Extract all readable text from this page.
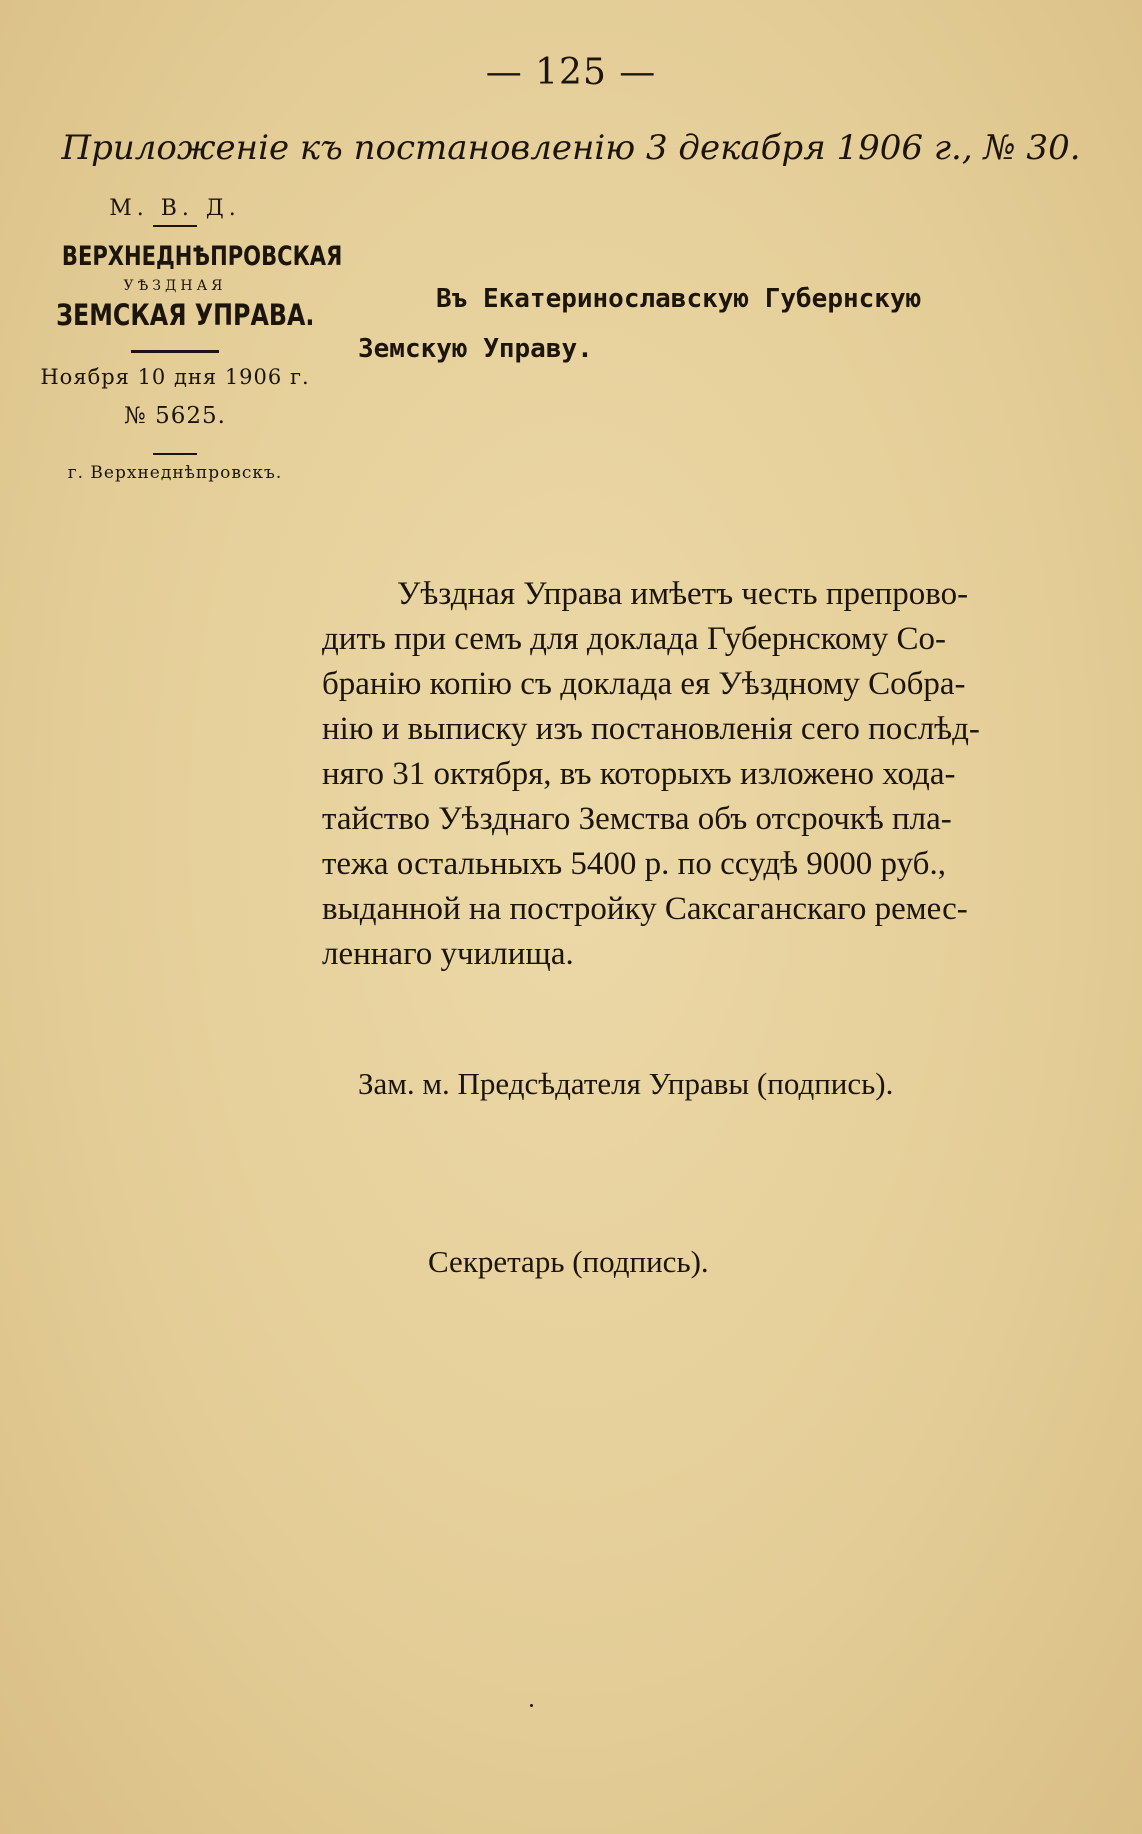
— 125 —
Приложеніе къ постановленію 3 декабря 1906 г., № 30.
М. В. Д.
ВЕРХНЕДНѢПРОВСКАЯ
УѢЗДНАЯ
ЗЕМСКАЯ УПРАВА.
Ноября 10 дня 1906 г.
№ 5625.
г. Верхнеднѣпровскъ.
Въ Екатеринославскую Губернскую
Земскую Управу.
Уѣздная Управа имѣетъ честь препрово-
дить при семъ для доклада Губернскому Со-
бранію копію съ доклада ея Уѣздному Собра-
нію и выписку изъ постановленія сего послѣд-
няго 31 октября, въ которыхъ изложено хода-
тайство Уѣзднаго Земства объ отсрочкѣ пла-
тежа остальныхъ 5400 р. по ссудѣ 9000 руб.,
выданной на постройку Саксаганскаго ремес-
леннаго училища.
Зам. м. Предсѣдателя Управы (подпись).
Секретарь (подпись).
